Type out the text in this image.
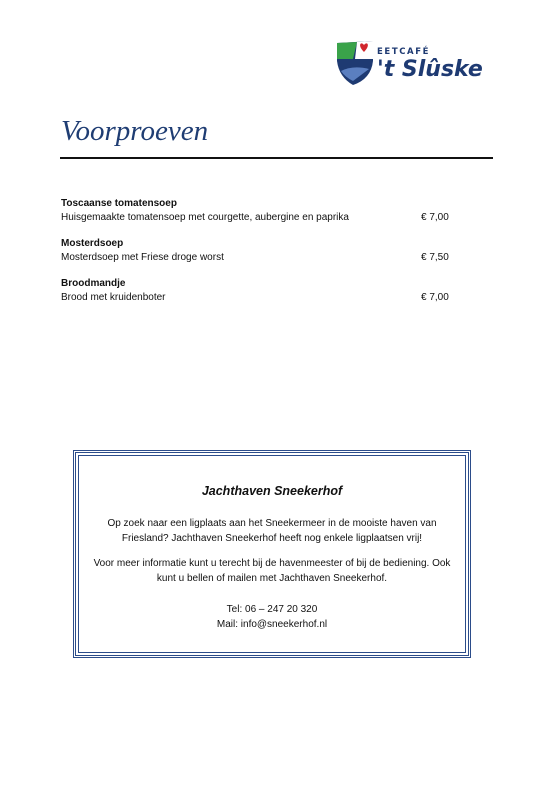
EETCAFÉ
't Slûske
Voorproeven
Toscaanse tomatensoep
Huisgemaakte tomatensoep met courgette, aubergine en paprika	€ 7,00
Mosterdsoep
Mosterdsoep met Friese droge worst	€ 7,50
Broodmandje
Brood met kruidenboter	€ 7,00
Jachthaven Sneekerhof

Op zoek naar een ligplaats aan het Sneekermeer in de mooiste haven van Friesland? Jachthaven Sneekerhof heeft nog enkele ligplaatsen vrij!

Voor meer informatie kunt u terecht bij de havenmeester of bij de bediening. Ook kunt u bellen of mailen met Jachthaven Sneekerhof.

Tel: 06 – 247 20 320
Mail: info@sneekerhof.nl
